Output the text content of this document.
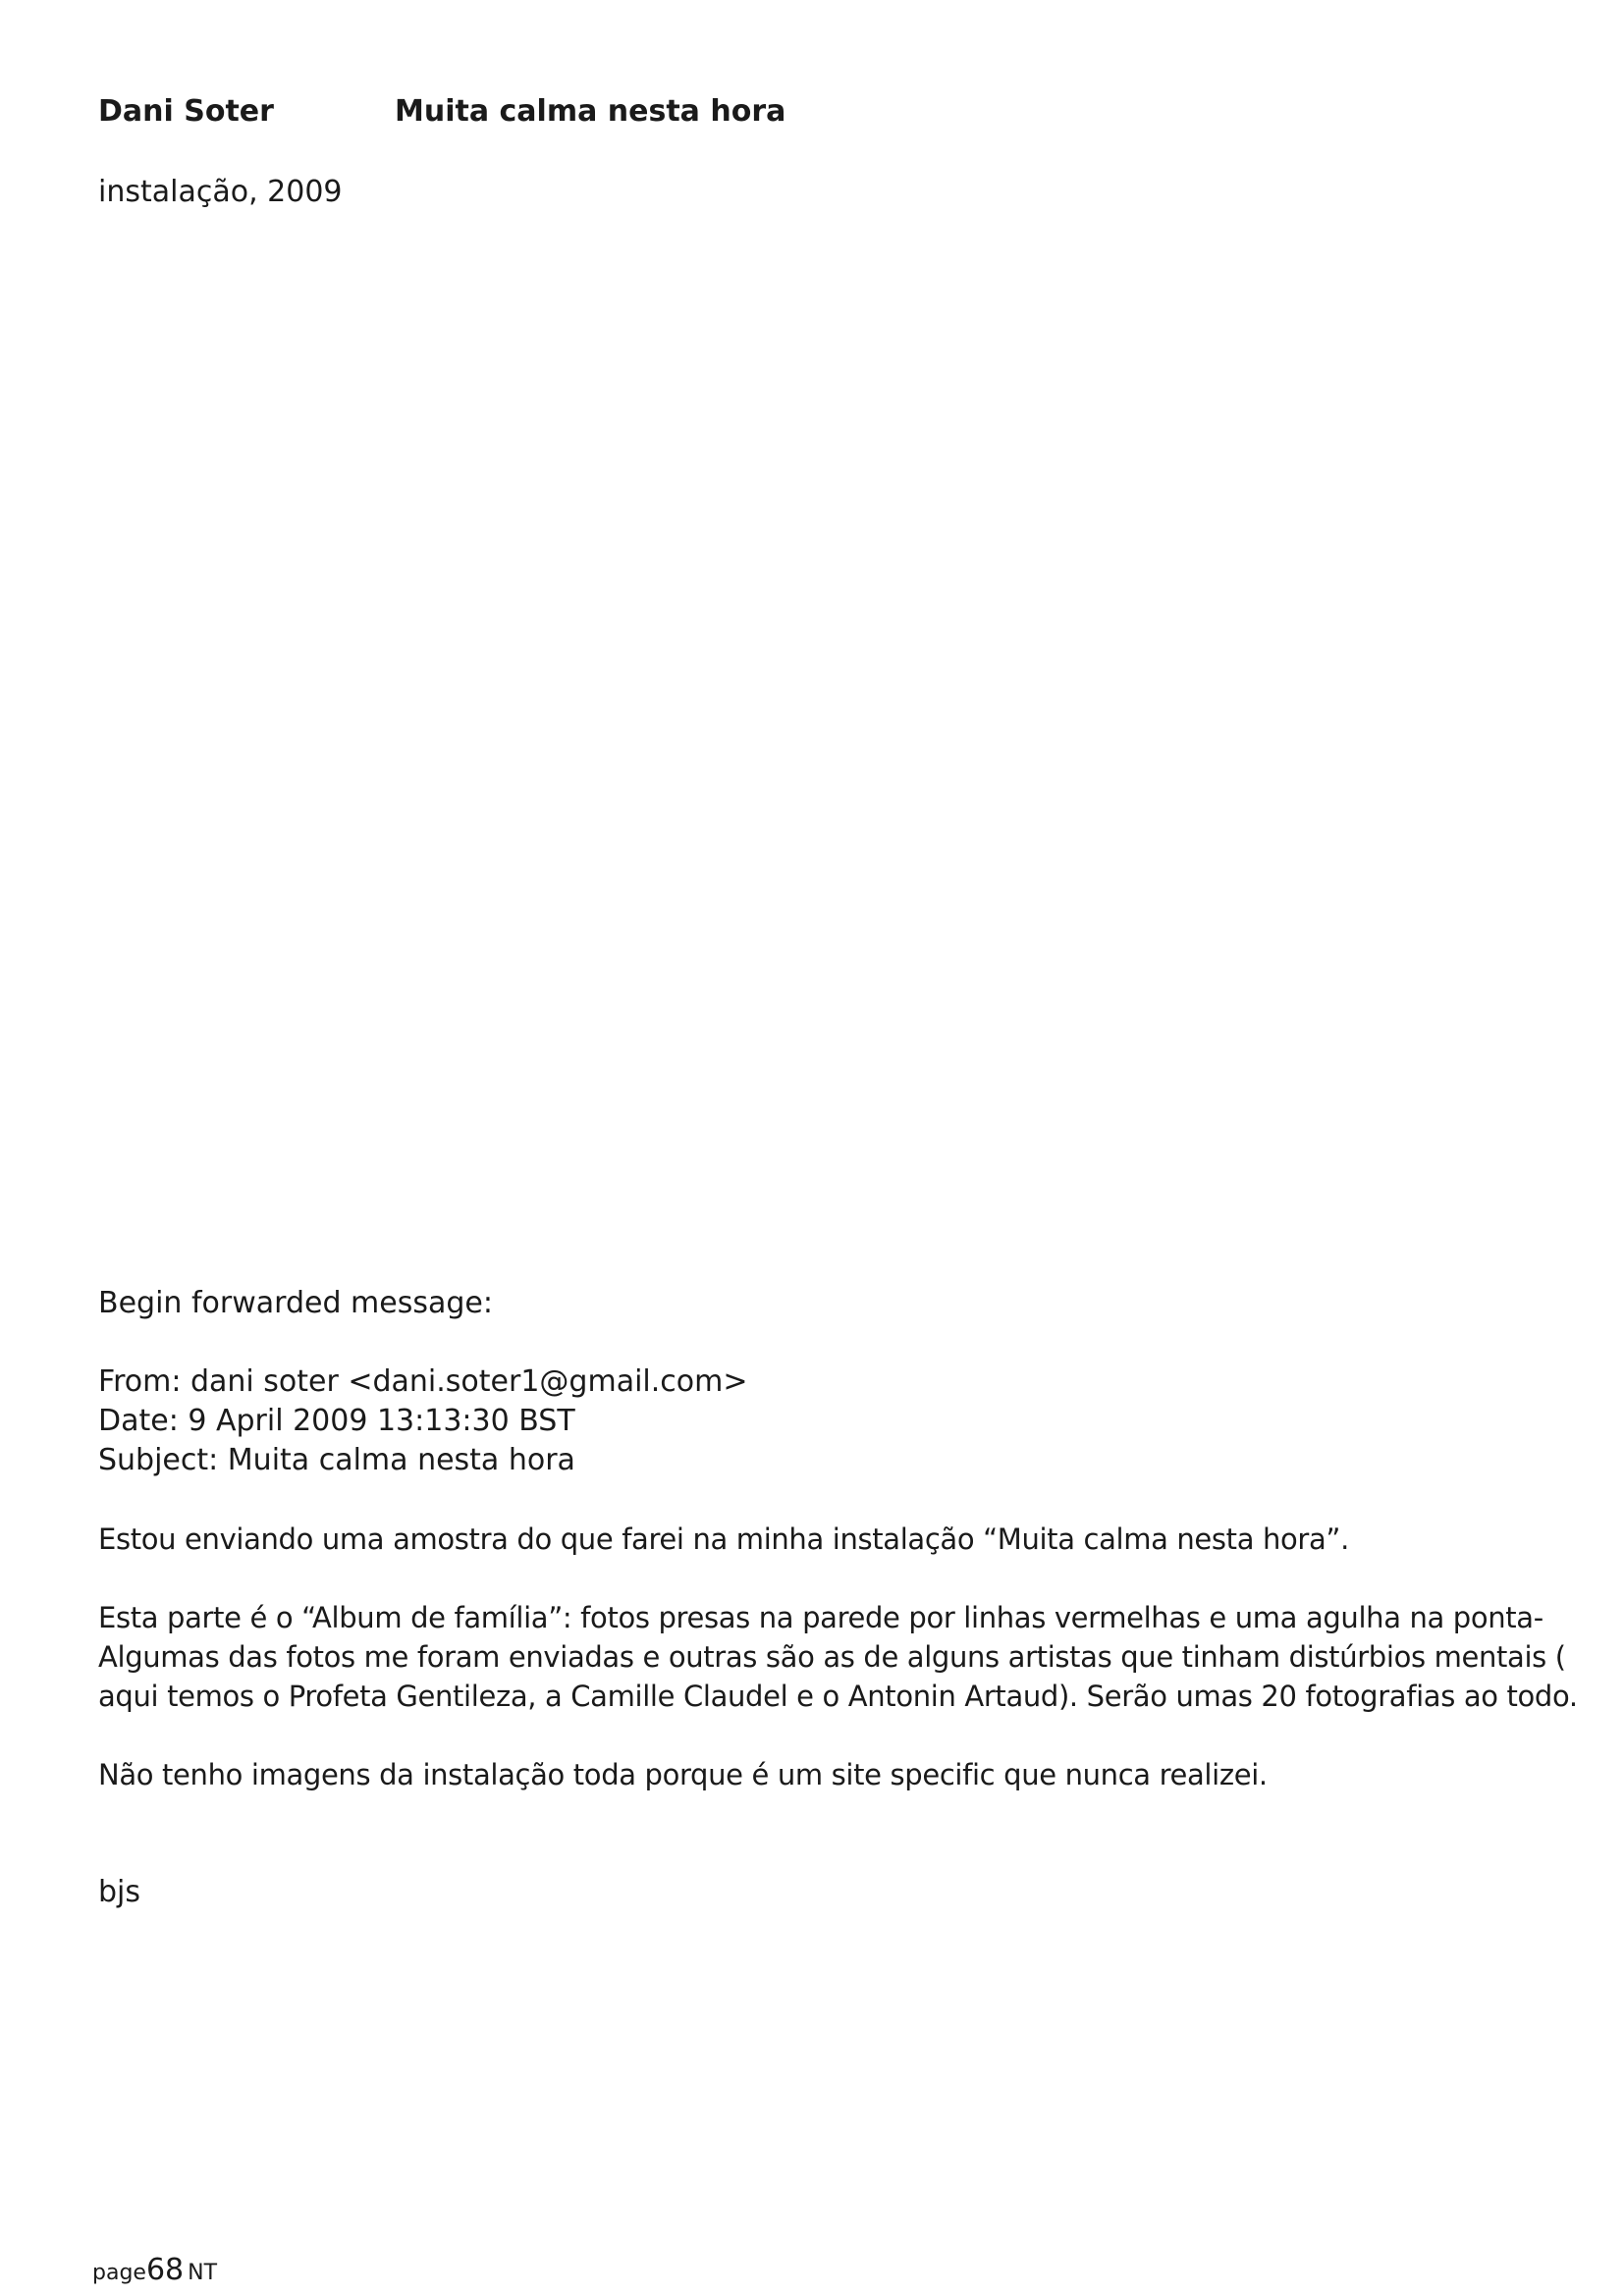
Dani Soter	Muita calma nesta hora
instalação, 2009
Begin forwarded message:
From: dani soter <dani.soter1@gmail.com>
Date: 9 April 2009 13:13:30 BST
Subject: Muita calma nesta hora
Estou enviando uma amostra do que farei na minha instalação “Muita calma nesta hora”.
Esta parte é o “Album de família”: fotos presas na parede por linhas vermelhas e uma agulha na ponta-
Algumas das fotos me foram enviadas e outras são as de alguns artistas que tinham distúrbios mentais (
aqui temos o Profeta Gentileza, a Camille Claudel e o Antonin Artaud). Serão umas 20 fotografias ao todo.
Não tenho imagens da instalação toda porque é um site specific que nunca realizei.
bjs
page68 NT
